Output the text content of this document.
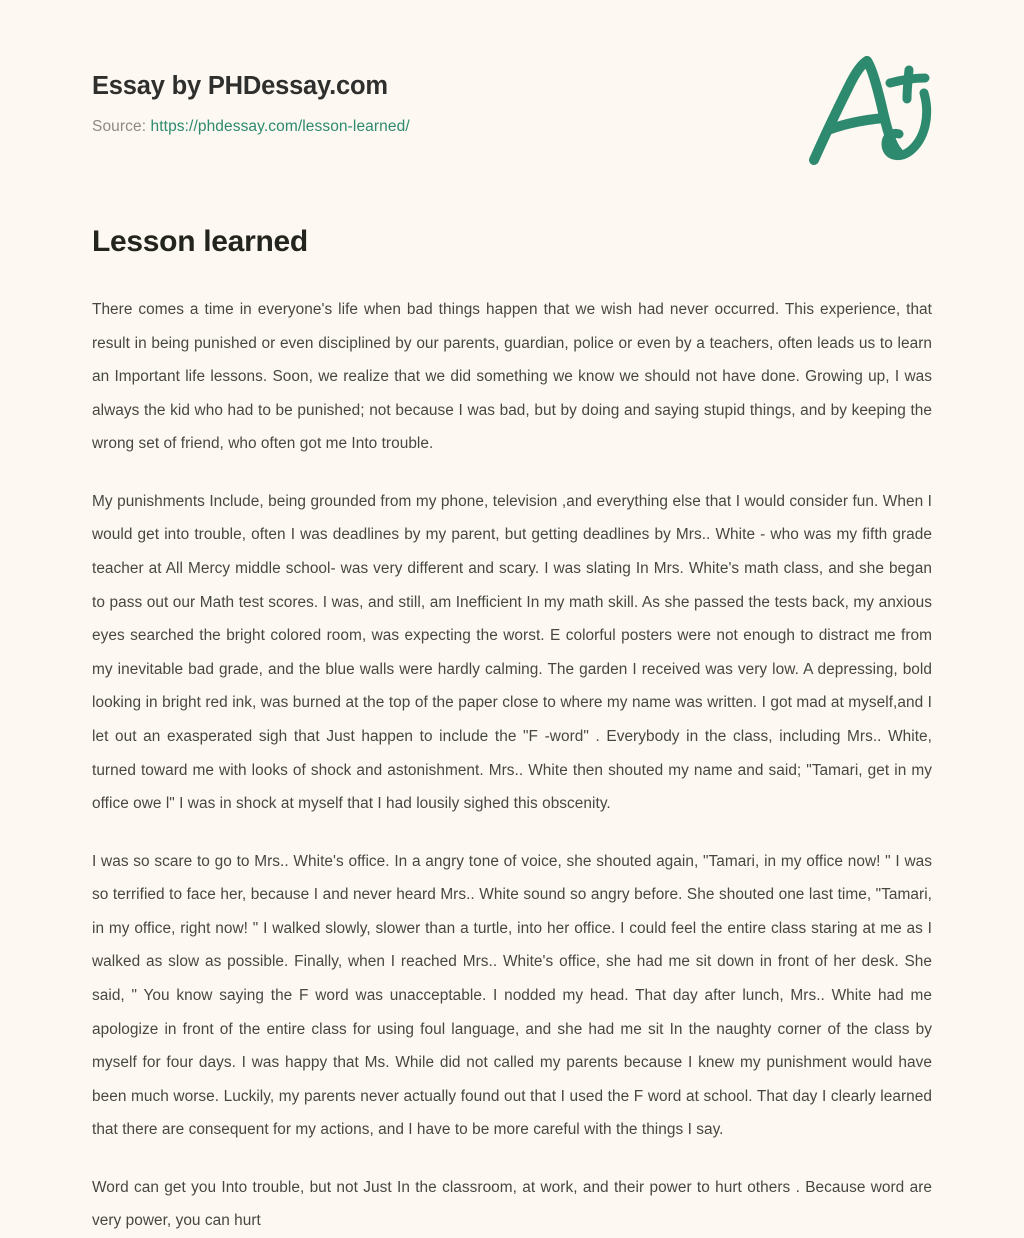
Essay by PHDessay.com
Source: https://phdessay.com/lesson-learned/
Lesson learned

There comes a time in everyone's life when bad things happen that we wish had never occurred. This experience, that result in being punished or even disciplined by our parents, guardian, police or even by a teachers, often leads us to learn an Important life lessons. Soon, we realize that we did something we know we should not have done. Growing up, I was always the kid who had to be punished; not because I was bad, but by doing and saying stupid things, and by keeping the wrong set of friend, who often got me Into trouble.

My punishments Include, being grounded from my phone, television ,and everything else that I would consider fun. When I would get into trouble, often I was deadlines by my parent, but getting deadlines by Mrs.. White - who was my fifth grade teacher at All Mercy middle school- was very different and scary. I was slating In Mrs. White's math class, and she began to pass out our Math test scores. I was, and still, am Inefficient In my math skill. As she passed the tests back, my anxious eyes searched the bright colored room, was expecting the worst. E colorful posters were not enough to distract me from my inevitable bad grade, and the blue walls were hardly calming. The garden I received was very low. A depressing, bold looking in bright red ink, was burned at the top of the paper close to where my name was written. I got mad at myself,and I let out an exasperated sigh that Just happen to include the "F -word" . Everybody in the class, including Mrs.. White, turned toward me with looks of shock and astonishment. Mrs.. White then shouted my name and said; "Tamari, get in my office owe l" I was in shock at myself that I had lousily sighed this obscenity.

I was so scare to go to Mrs.. White's office. In a angry tone of voice, she shouted again, "Tamari, in my office now! " I was so terrified to face her, because I and never heard Mrs.. White sound so angry before. She shouted one last time, "Tamari, in my office, right now! " I walked slowly, slower than a turtle, into her office. I could feel the entire class staring at me as I walked as slow as possible. Finally, when I reached Mrs.. White's office, she had me sit down in front of her desk. She said, " You know saying the F word was unacceptable. I nodded my head. That day after lunch, Mrs.. White had me apologize in front of the entire class for using foul language, and she had me sit In the naughty corner of the class by myself for four days. I was happy that Ms. While did not called my parents because I knew my punishment would have been much worse. Luckily, my parents never actually found out that I used the F word at school. That day I clearly learned that there are consequent for my actions, and I have to be more careful with the things I say.

Word can get you Into trouble, but not Just In the classroom, at work, and their power to hurt others . Because word are very power, you can hurt
